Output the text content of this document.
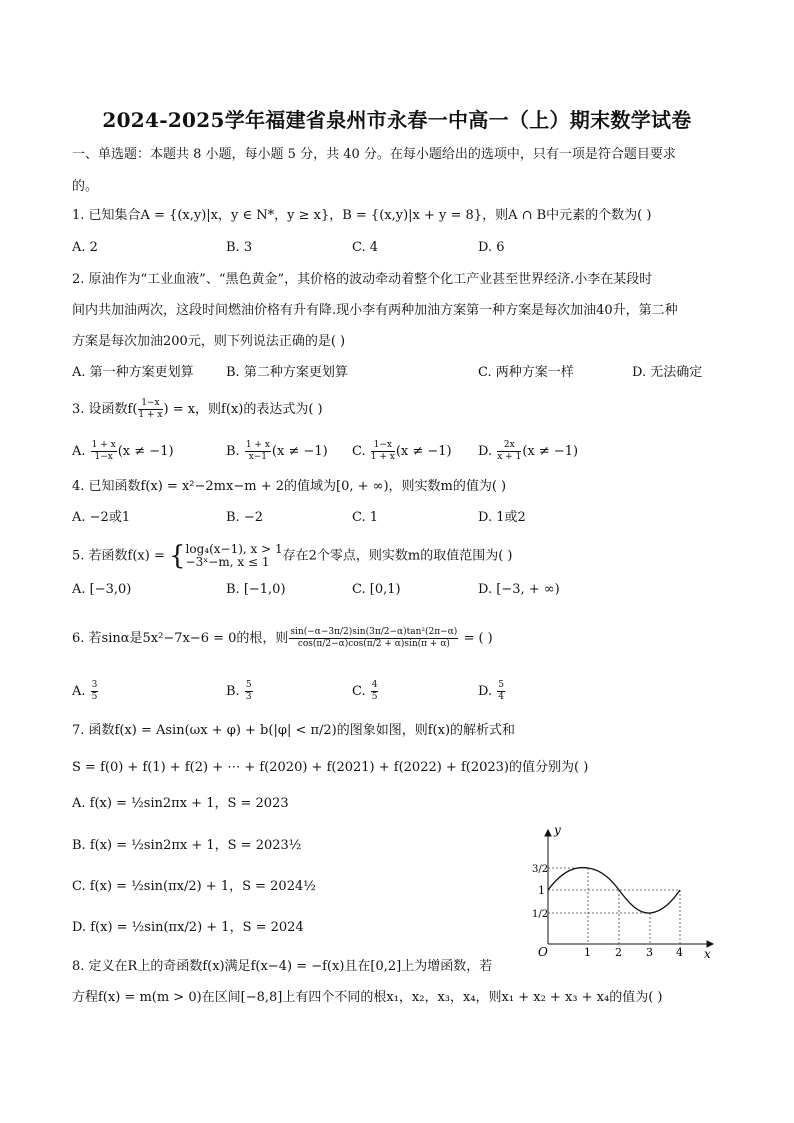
2024-2025学年福建省泉州市永春一中高一（上）期末数学试卷
一、单选题：本题共 8 小题，每小题 5 分，共 40 分。在每小题给出的选项中，只有一项是符合题目要求
的。
1. 已知集合A = {(x,y)|x，y ∈ N*，y ≥ x}，B = {(x,y)|x + y = 8}，则A ∩ B中元素的个数为( )
A. 2	B. 3	C. 4	D. 6
2. 原油作为“工业血液”、“黑色黄金”，其价格的波动牵动着整个化工产业甚至世界经济.小李在某段时
间内共加油两次，这段时间燃油价格有升有降.现小李有两种加油方案第一种方案是每次加油40升，第二种
方案是每次加油200元，则下列说法正确的是( )
A. 第一种方案更划算 B. 第二种方案更划算	C. 两种方案一样	D. 无法确定
3. 设函数$f( \frac{1-x}{1 + x}$ ) = x，则f(x)的表达式为( )
A. $\frac{1 + x}{1-x} (x \ne -1)$	B. $\frac{1 + x}{x-1} (x \ne -1)$ C. $\frac{1-x}{1 + x} (x \ne -1)$ D. $\frac{2x}{x + 1} (x \ne -1)$
4. 已知函数f(x) = x²−2mx−m + 2的值域为[0, + ∞)，则实数m的值为( )
A. −2或1	B. −2	C. 1	D. 1或2
5. 若函数f(x) = { log₄(x−1), x > 1
−3ˣ−m, x ≤ 1	存在2个零点，则实数m的取值范围为( )
A. [−3,0)	B. [−1,0)	C. [0,1)	D. [−3, + ∞)
6. 若sinα是5x²−7x−6 = 0的根，则 $\frac{\text{sin(−α−3π/2)sin(3π/2−α)tan²(2π−α)}}{\cos(\pi/2-\alpha)\cos(\pi/2 + \alpha)\sin(\pi + \alpha)}$ = ( )
A. $\frac{3}{5}$	B. $\frac{5}{3}$	C. $\frac{4}{5}$	D. $\frac{5}{4}$
7. 函数f(x) = Asin(ωx + φ) + b(|φ| < π/2)的图象如图，则f(x)的解析式和
S = f(0) + f(1) + f(2) + ⋯ + f(2020) + f(2021) + f(2022) + f(2023)的值分别为( )
A. f(x) = ½sin2πx + 1，S = 2023
B. f(x) = ½sin2πx + 1，S = 2023½
C. f(x) = ½sin(πx/2) + 1，S = 2024½
D. f(x) = ½sin(πx/2) + 1，S = 2024
y
x
O
3/2
1
1/2
1 2 3 4
8. 定义在R上的奇函数f(x)满足f(x−4) = −f(x)且在[0,2]上为增函数，若
方程f(x) = m(m > 0)在区间[−8,8]上有四个不同的根x₁，x₂，x₃，x₄，则x₁ + x₂ + x₃ + x₄的值为( )
